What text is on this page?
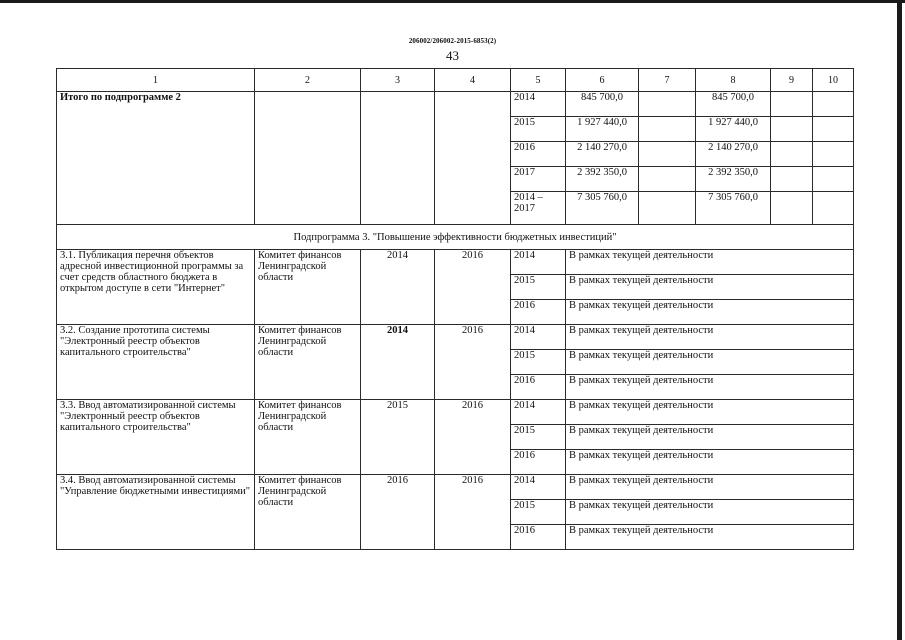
206002/206002-2015-6853(2)
43
1	2	3	4	5	6	7	8	9	10
Итого по подпрограмме 2				2014	845 700,0		845 700,0		
				2015	1 927 440,0		1 927 440,0		
				2016	2 140 270,0		2 140 270,0		
				2017	2 392 350,0		2 392 350,0		
				2014 – 2017	7 305 760,0		7 305 760,0		
Подпрограмма 3. "Повышение эффективности бюджетных инвестиций"									
3.1. Публикация перечня объектов адресной инвестиционной программы за счет средств областного бюджета в открытом доступе в сети "Интернет"	Комитет финансов Ленинградской области	2014	2016	2014	В рамках текущей деятельности				
				2015	В рамках текущей деятельности				
				2016	В рамках текущей деятельности				
3.2. Создание прототипа системы "Электронный реестр объектов капитального строительства"	Комитет финансов Ленинградской области	2014	2016	2014	В рамках текущей деятельности				
				2015	В рамках текущей деятельности				
				2016	В рамках текущей деятельности				
3.3. Ввод автоматизированной системы "Электронный реестр объектов капитального строительства"	Комитет финансов Ленинградской области	2015	2016	2014	В рамках текущей деятельности				
				2015	В рамках текущей деятельности				
				2016	В рамках текущей деятельности				
3.4. Ввод автоматизированной системы "Управление бюджетными инвестициями"	Комитет финансов Ленинградской области	2016	2016	2014	В рамках текущей деятельности				
				2015	В рамках текущей деятельности				
				2016	В рамках текущей деятельности				
